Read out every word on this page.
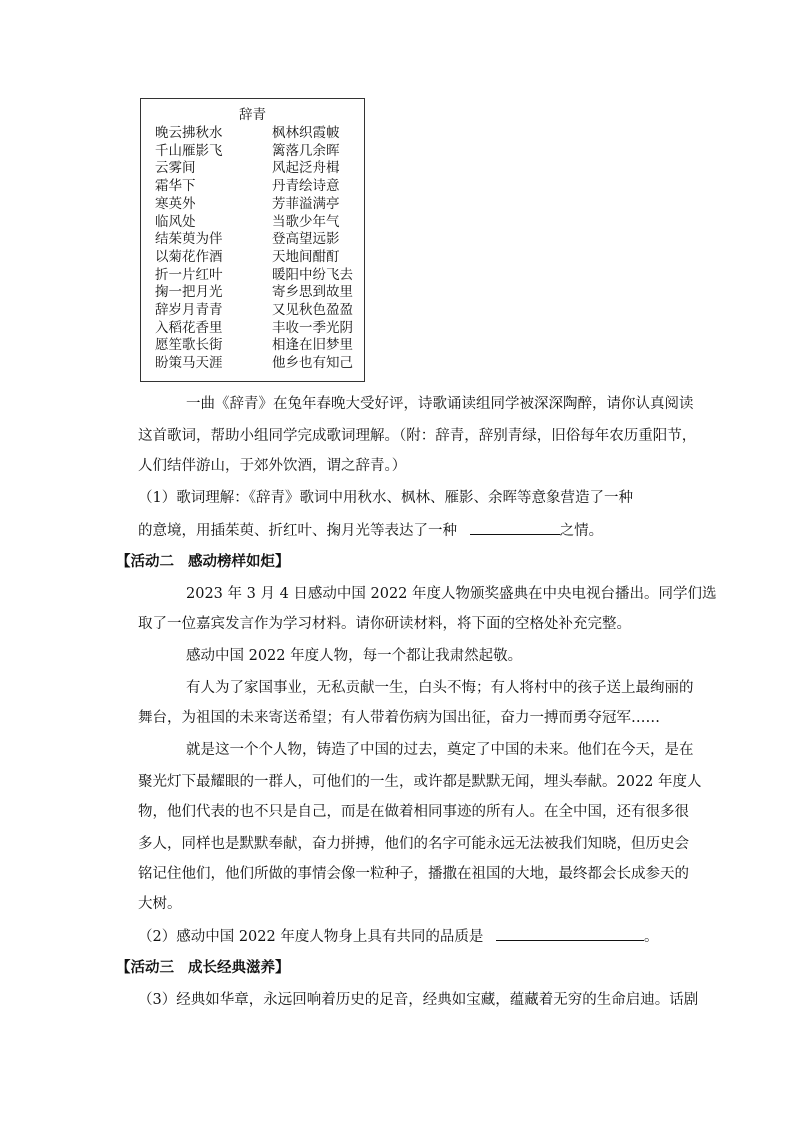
辞青
晚云拂秋水	枫林织霞帔
千山雁影飞	篱落几余晖
云雾间	风起泛舟楫
霜华下	丹青绘诗意
寒英外	芳菲溢满亭
临风处	当歌少年气
结茱萸为伴	登高望远影
以菊花作酒	天地间酣酊
折一片红叶	暖阳中纷飞去
掬一把月光	寄乡思到故里
辞岁月青青	又见秋色盈盈
入稻花香里	丰收一季光阴
愿笙歌长街	相逢在旧梦里
盼策马天涯	他乡也有知己
一曲《辞青》在兔年春晚大受好评，诗歌诵读组同学被深深陶醉，请你认真阅读
这首歌词，帮助小组同学完成歌词理解。（附：辞青，辞别青绿，旧俗每年农历重阳节，
人们结伴游山，于郊外饮酒，谓之辞青。）
（1）歌词理解：《辞青》歌词中用秋水、枫林、雁影、余晖等意象营造了一种
的意境，用插茱萸、折红叶、掬月光等表达了一种	之情。
【活动二 感动榜样如炬】
2023 年 3 月 4 日感动中国 2022 年度人物颁奖盛典在中央电视台播出。同学们选
取了一位嘉宾发言作为学习材料。请你研读材料，将下面的空格处补充完整。
感动中国 2022 年度人物，每一个都让我肃然起敬。
有人为了家国事业，无私贡献一生，白头不悔；有人将村中的孩子送上最绚丽的
舞台，为祖国的未来寄送希望；有人带着伤病为国出征，奋力一搏而勇夺冠军……
就是这一个个人物，铸造了中国的过去，奠定了中国的未来。他们在今天，是在
聚光灯下最耀眼的一群人，可他们的一生，或许都是默默无闻，埋头奉献。2022 年度人
物，他们代表的也不只是自己，而是在做着相同事迹的所有人。在全中国，还有很多很
多人，同样也是默默奉献，奋力拼搏，他们的名字可能永远无法被我们知晓，但历史会
铭记住他们，他们所做的事情会像一粒种子，播撒在祖国的大地，最终都会长成参天的
大树。
（2）感动中国 2022 年度人物身上具有共同的品质是	。
【活动三 成长经典滋养】
（3）经典如华章，永远回响着历史的足音，经典如宝藏，蕴藏着无穷的生命启迪。话剧
